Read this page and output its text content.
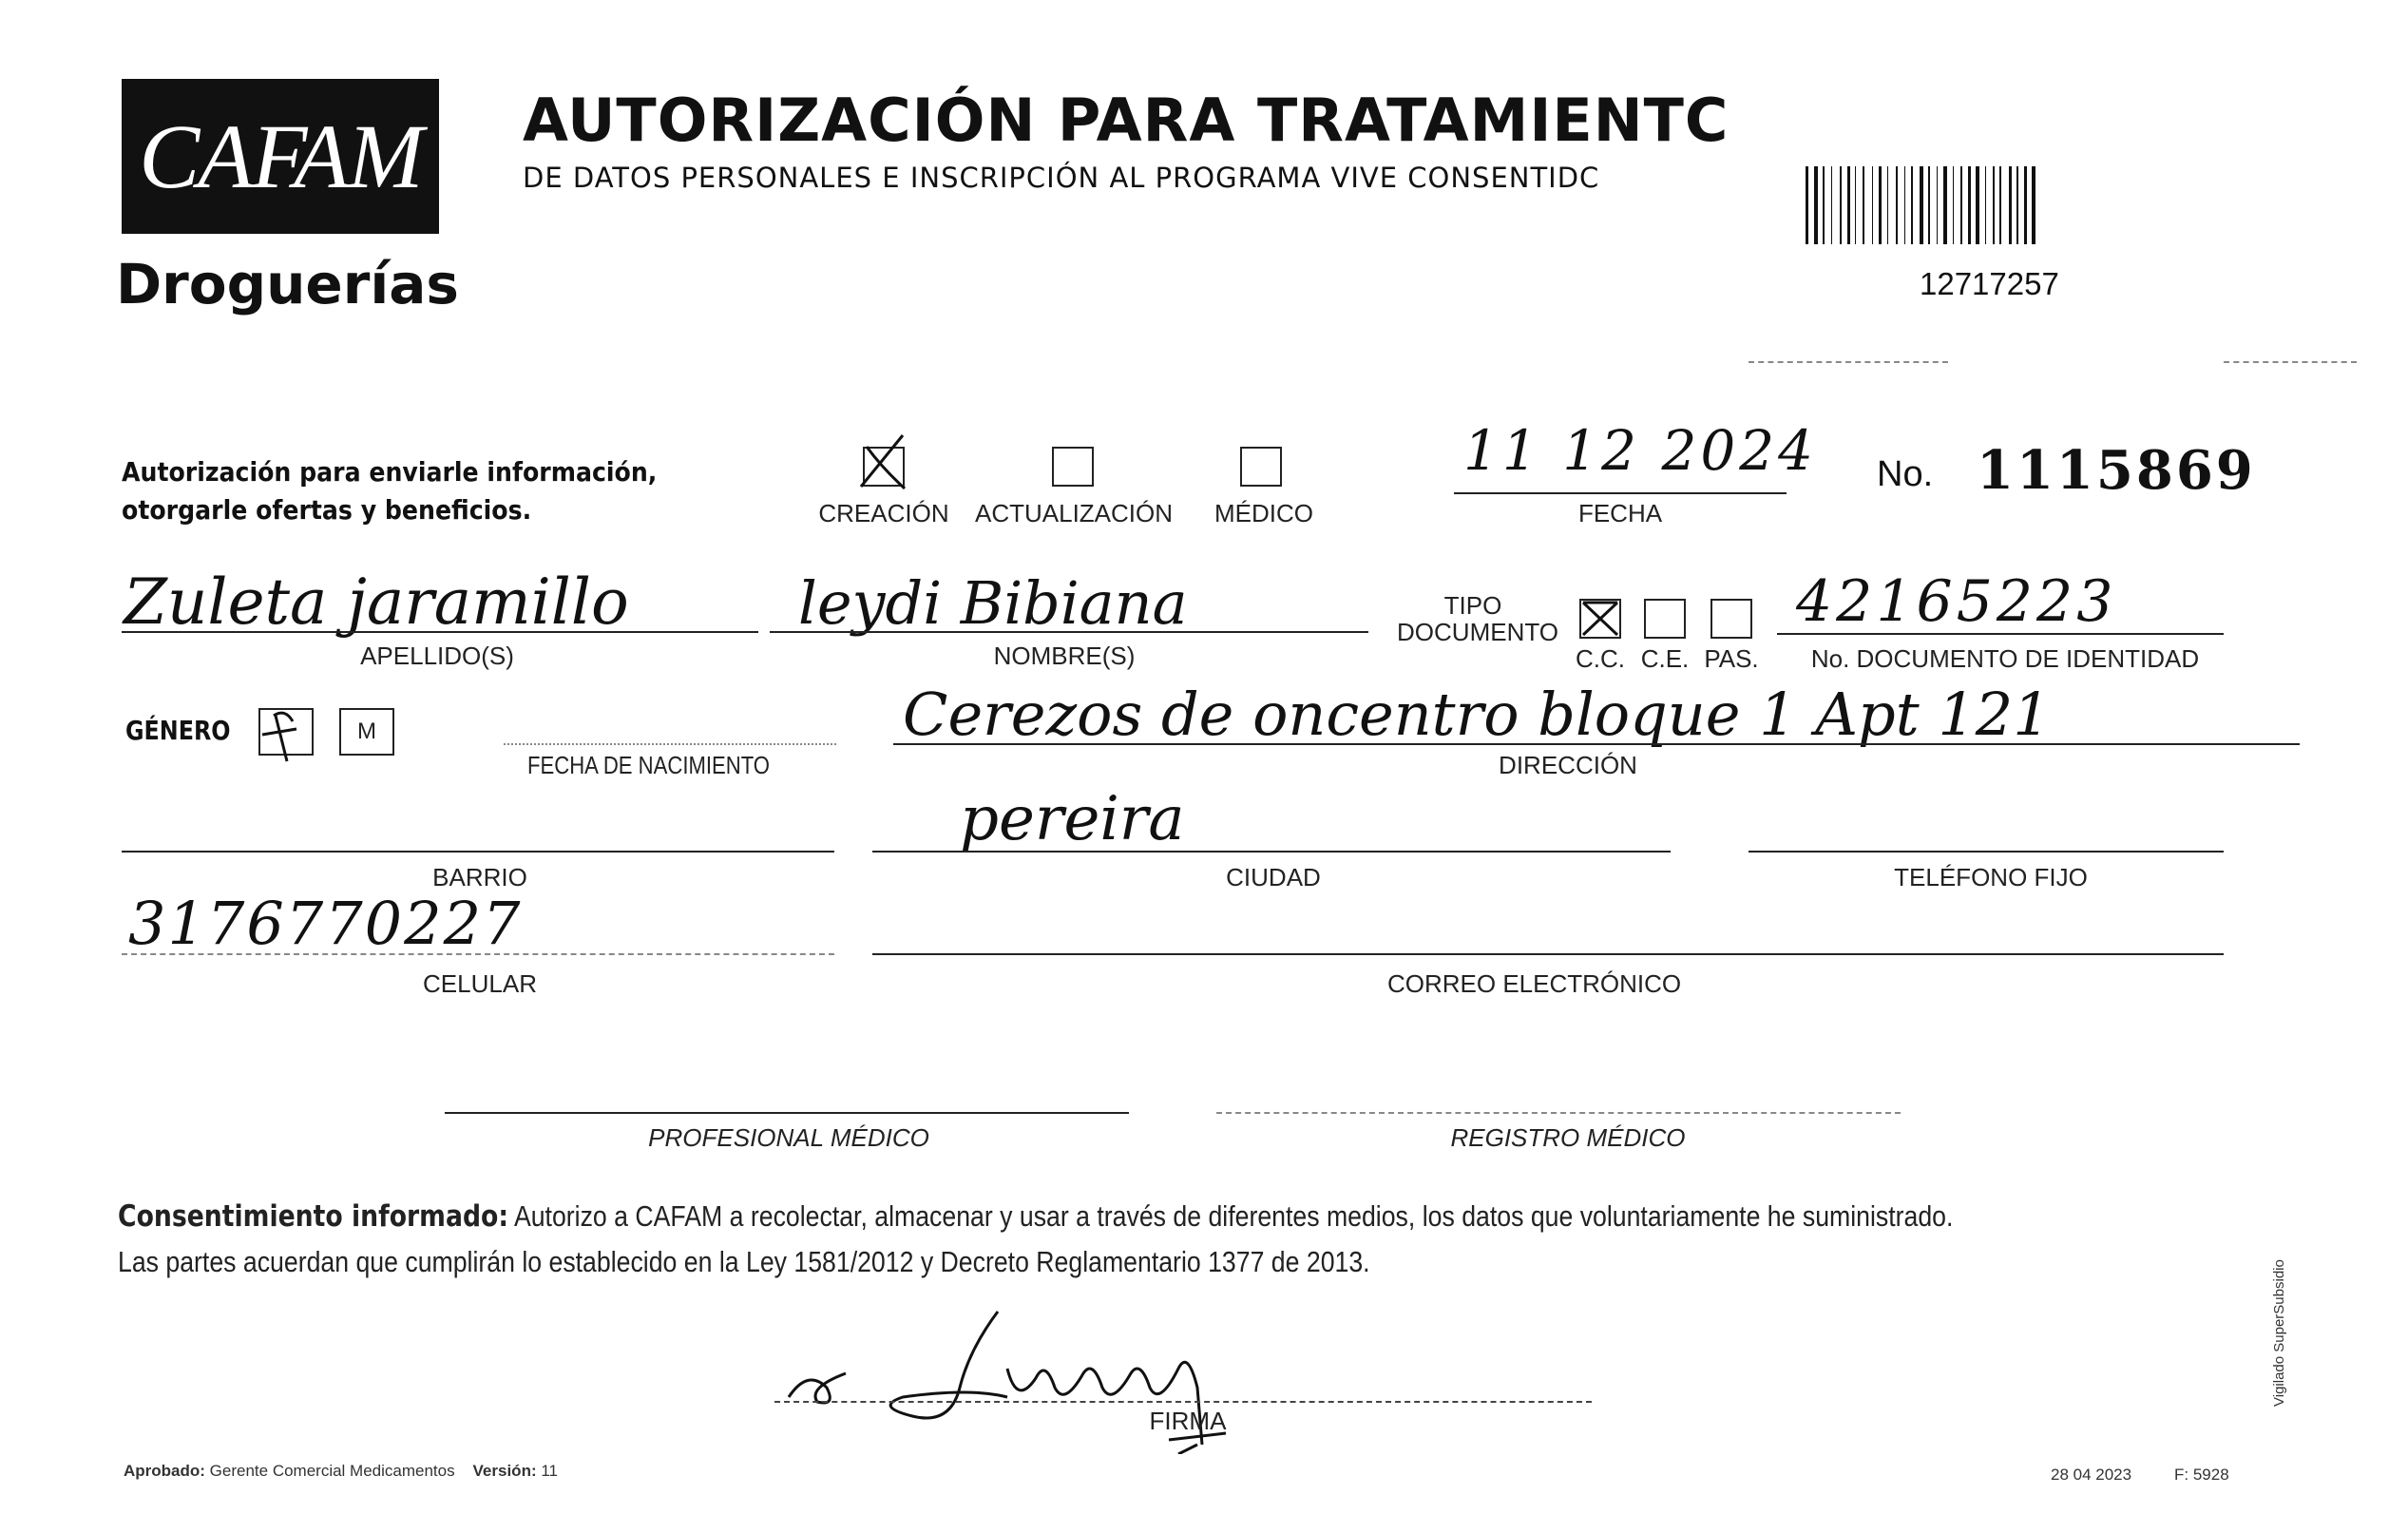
CAFAM
Droguerías
AUTORIZACIÓN PARA TRATAMIENTC
DE DATOS PERSONALES E INSCRIPCIÓN AL PROGRAMA VIVE CONSENTIDC
12717257
Autorización para enviarle información,
otorgarle ofertas y beneficios.	CREACIÓN ACTUALIZACIÓN	MÉDICO
11 12 2024
FECHA
No. 1115869
Zuleta jaramillo
APELLIDO(S)
leydi Bibiana
NOMBRE(S)
TIPO
DOCUMENTO
C.C. C.E. PAS.
42165223
No. DOCUMENTO DE IDENTIDAD
GÉNERO	M
FECHA DE NACIMIENTO
Cerezos de oncentro bloque 1 Apt 121
DIRECCIÓN
BARRIO
pereira
CIUDAD	TELÉFONO FIJO
3176770227
CELULAR	CORREO ELECTRÓNICO
PROFESIONAL MÉDICO	REGISTRO MÉDICO
Consentimiento informado: Autorizo a CAFAM a recolectar, almacenar y usar a través de diferentes medios, los datos que voluntariamente he suministrado.
Las partes acuerdan que cumplirán lo establecido en la Ley 1581/2012 y Decreto Reglamentario 1377 de 2013.
FIRMA
Aprobado: Gerente Comercial Medicamentos Versión: 11	28 04 2023	F: 5928
Vigilado SuperSubsidio
